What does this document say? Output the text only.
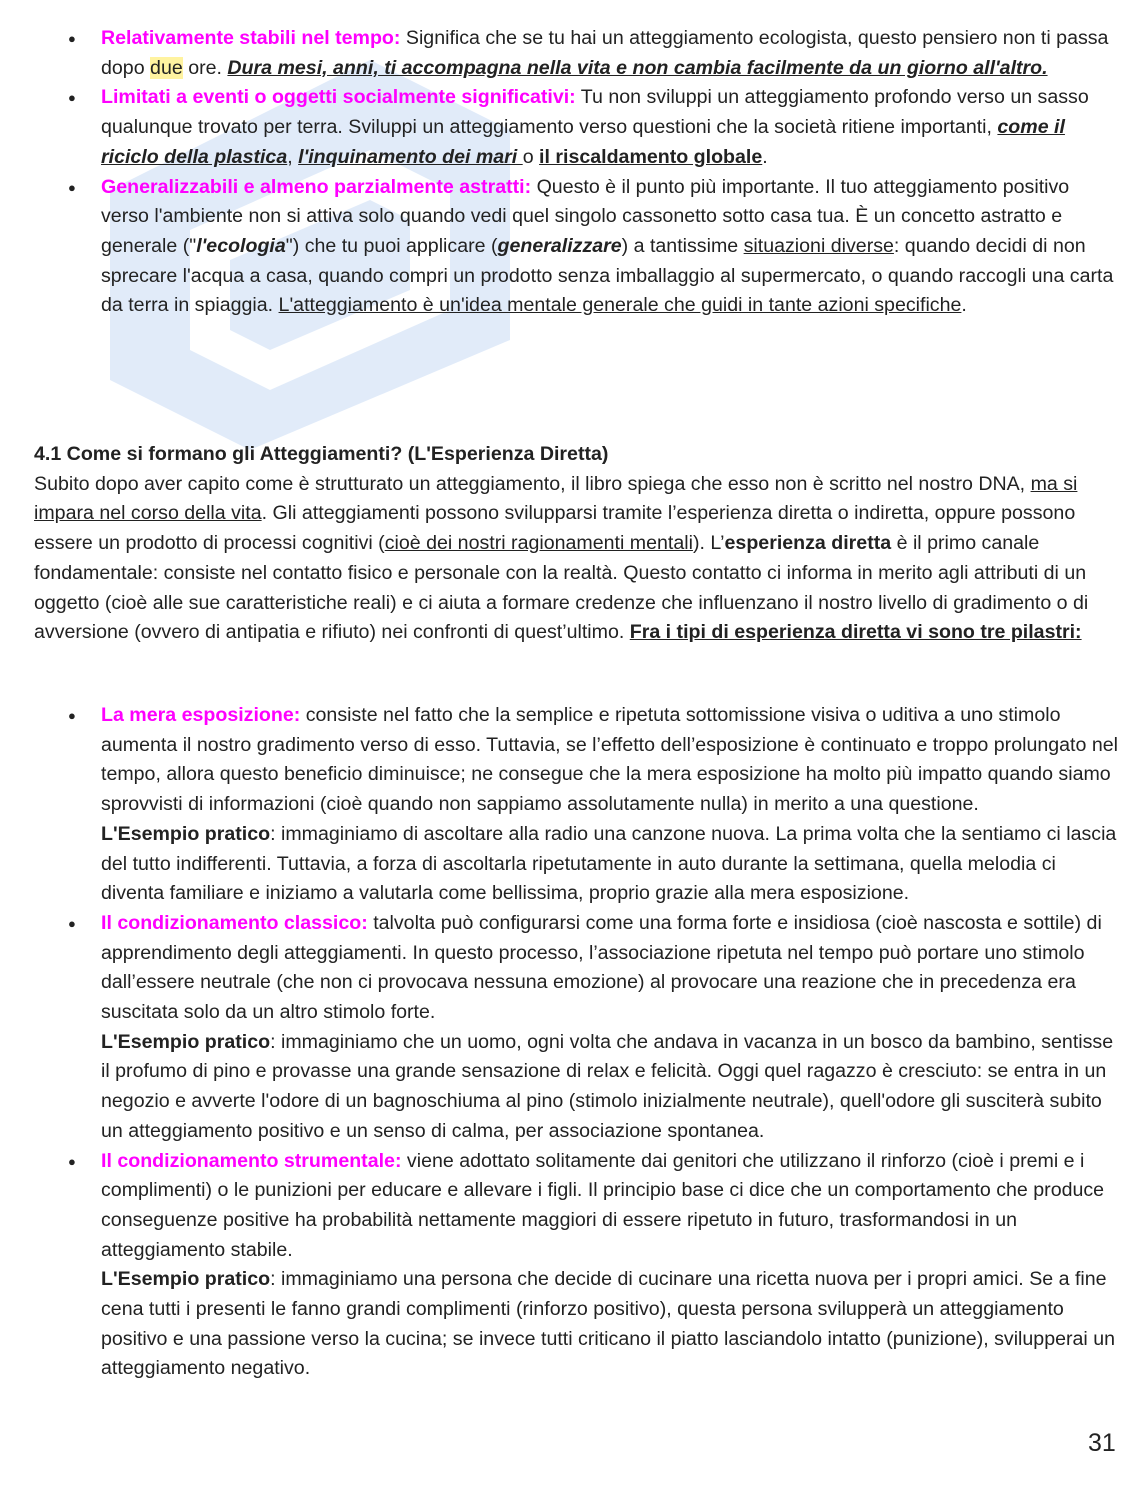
● Relativamente stabili nel tempo: Significa che se tu hai un atteggiamento ecologista, questo pensiero non ti passa dopo due ore. Dura mesi, anni, ti accompagna nella vita e non cambia facilmente da un giorno all'altro.
● Limitati a eventi o oggetti socialmente significativi: Tu non sviluppi un atteggiamento profondo verso un sasso qualunque trovato per terra. Sviluppi un atteggiamento verso questioni che la società ritiene importanti, come il riciclo della plastica, l'inquinamento dei mari o il riscaldamento globale.
● Generalizzabili e almeno parzialmente astratti: Questo è il punto più importante. Il tuo atteggiamento positivo verso l'ambiente non si attiva solo quando vedi quel singolo cassonetto sotto casa tua. È un concetto astratto e generale ("l'ecologia") che tu puoi applicare (generalizzare) a tantissime situazioni diverse: quando decidi di non sprecare l'acqua a casa, quando compri un prodotto senza imballaggio al supermercato, o quando raccogli una carta da terra in spiaggia. L'atteggiamento è un'idea mentale generale che guidi in tante azioni specifiche.
4.1 Come si formano gli Atteggiamenti? (L'Esperienza Diretta)
Subito dopo aver capito come è strutturato un atteggiamento, il libro spiega che esso non è scritto nel nostro DNA, ma si impara nel corso della vita. Gli atteggiamenti possono svilupparsi tramite l’esperienza diretta o indiretta, oppure possono essere un prodotto di processi cognitivi (cioè dei nostri ragionamenti mentali). L’esperienza diretta è il primo canale fondamentale: consiste nel contatto fisico e personale con la realtà. Questo contatto ci informa in merito agli attributi di un oggetto (cioè alle sue caratteristiche reali) e ci aiuta a formare credenze che influenzano il nostro livello di gradimento o di avversione (ovvero di antipatia e rifiuto) nei confronti di quest’ultimo. Fra i tipi di esperienza diretta vi sono tre pilastri:
● La mera esposizione: consiste nel fatto che la semplice e ripetuta sottomissione visiva o uditiva a uno stimolo aumenta il nostro gradimento verso di esso. Tuttavia, se l’effetto dell’esposizione è continuato e troppo prolungato nel tempo, allora questo beneficio diminuisce; ne consegue che la mera esposizione ha molto più impatto quando siamo sprovvisti di informazioni (cioè quando non sappiamo assolutamente nulla) in merito a una questione.
L'Esempio pratico: immaginiamo di ascoltare alla radio una canzone nuova. La prima volta che la sentiamo ci lascia del tutto indifferenti. Tuttavia, a forza di ascoltarla ripetutamente in auto durante la settimana, quella melodia ci diventa familiare e iniziamo a valutarla come bellissima, proprio grazie alla mera esposizione.
● Il condizionamento classico: talvolta può configurarsi come una forma forte e insidiosa (cioè nascosta e sottile) di apprendimento degli atteggiamenti. In questo processo, l’associazione ripetuta nel tempo può portare uno stimolo dall’essere neutrale (che non ci provocava nessuna emozione) al provocare una reazione che in precedenza era suscitata solo da un altro stimolo forte.
L'Esempio pratico: immaginiamo che un uomo, ogni volta che andava in vacanza in un bosco da bambino, sentisse il profumo di pino e provasse una grande sensazione di relax e felicità. Oggi quel ragazzo è cresciuto: se entra in un negozio e avverte l'odore di un bagnoschiuma al pino (stimolo inizialmente neutrale), quell'odore gli susciterà subito un atteggiamento positivo e un senso di calma, per associazione spontanea.
● Il condizionamento strumentale: viene adottato solitamente dai genitori che utilizzano il rinforzo (cioè i premi e i complimenti) o le punizioni per educare e allevare i figli. Il principio base ci dice che un comportamento che produce conseguenze positive ha probabilità nettamente maggiori di essere ripetuto in futuro, trasformandosi in un atteggiamento stabile.
L'Esempio pratico: immaginiamo una persona che decide di cucinare una ricetta nuova per i propri amici. Se a fine cena tutti i presenti le fanno grandi complimenti (rinforzo positivo), questa persona svilupperà un atteggiamento positivo e una passione verso la cucina; se invece tutti criticano il piatto lasciandolo intatto (punizione), svilupperai un atteggiamento negativo.
31
